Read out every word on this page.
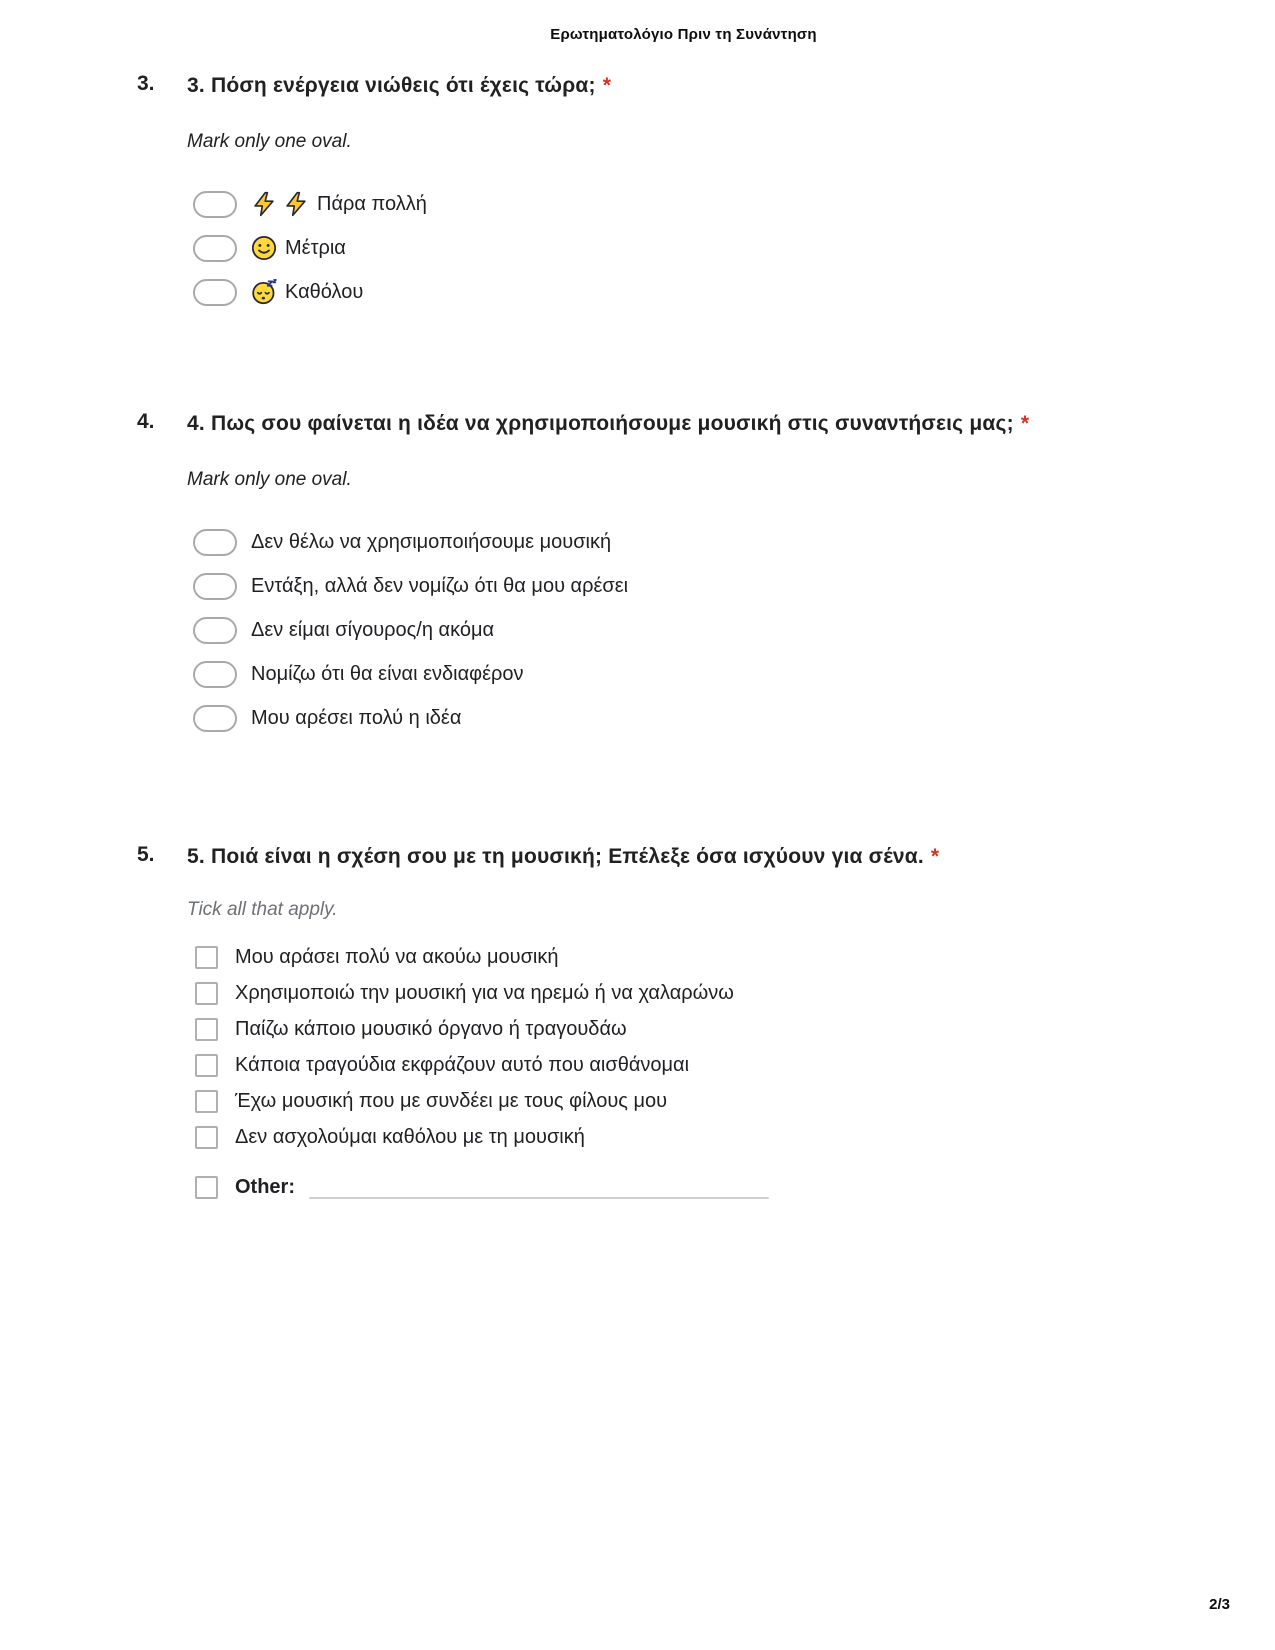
Ερωτηματολόγιο Πριν τη Συνάντηση
3. 3. Πόση ενέργεια νιώθεις ότι έχεις τώρα; *
Mark only one oval.
Πάρα πολλή
Μέτρια
Καθόλου
4. 4. Πως σου φαίνεται η ιδέα να χρησιμοποιήσουμε μουσική στις συναντήσεις μας; *
Mark only one oval.
Δεν θέλω να χρησιμοποιήσουμε μουσική
Εντάξη, αλλά δεν νομίζω ότι θα μου αρέσει
Δεν είμαι σίγουρος/η ακόμα
Νομίζω ότι θα είναι ενδιαφέρον
Μου αρέσει πολύ η ιδέα
5. 5. Ποιά είναι η σχέση σου με τη μουσική; Επέλεξε όσα ισχύουν για σένα. *
Tick all that apply.
Μου αράσει πολύ να ακούω μουσική
Χρησιμοποιώ την μουσική για να ηρεμώ ή να χαλαρώνω
Παίζω κάποιο μουσικό όργανο ή τραγουδάω
Κάποια τραγούδια εκφράζουν αυτό που αισθάνομαι
Έχω μουσική που με συνδέει με τους φίλους μου
Δεν ασχολούμαι καθόλου με τη μουσική
Other:
2/3
